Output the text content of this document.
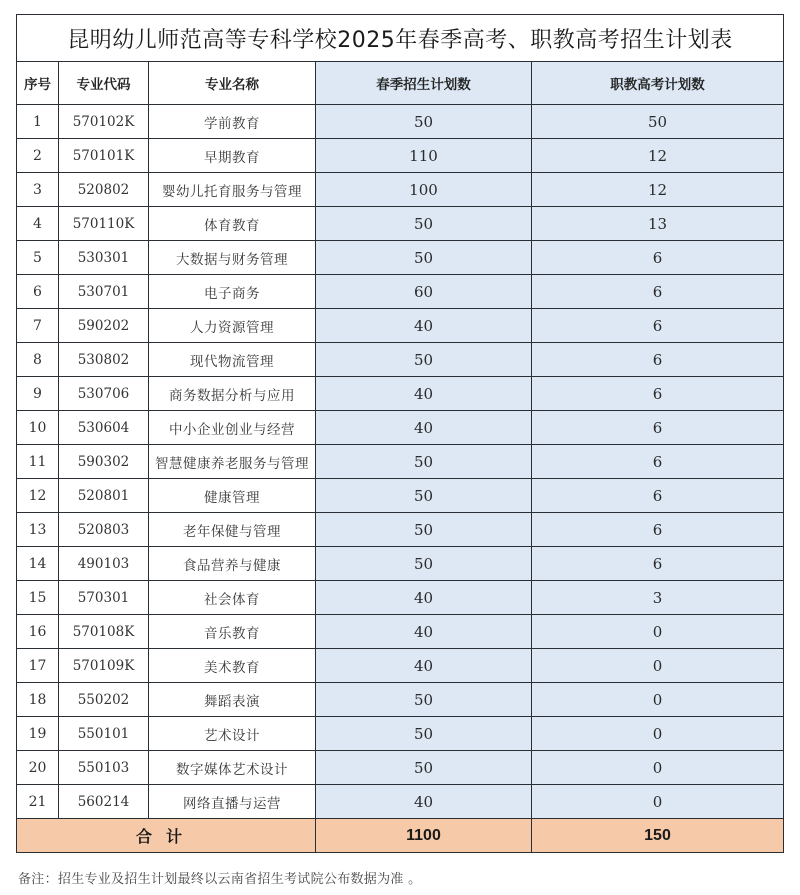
昆明幼儿师范高等专科学校2025年春季高考、职教高考招生计划表				
序号	专业代码	专业名称	春季招生计划数	职教高考计划数
1	570102K	学前教育	50	50
2	570101K	早期教育	110	12
3	520802	婴幼儿托育服务与管理	100	12
4	570110K	体育教育	50	13
5	530301	大数据与财务管理	50	6
6	530701	电子商务	60	6
7	590202	人力资源管理	40	6
8	530802	现代物流管理	50	6
9	530706	商务数据分析与应用	40	6
10	530604	中小企业创业与经营	40	6
11	590302	智慧健康养老服务与管理	50	6
12	520801	健康管理	50	6
13	520803	老年保健与管理	50	6
14	490103	食品营养与健康	50	6
15	570301	社会体育	40	3
16	570108K	音乐教育	40	0
17	570109K	美术教育	40	0
18	550202	舞蹈表演	50	0
19	550101	艺术设计	50	0
20	550103	数字媒体艺术设计	50	0
21	560214	网络直播与运营	40	0
合计			1100	150
备注：招生专业及招生计划最终以云南省招生考试院公布数据为准 。
